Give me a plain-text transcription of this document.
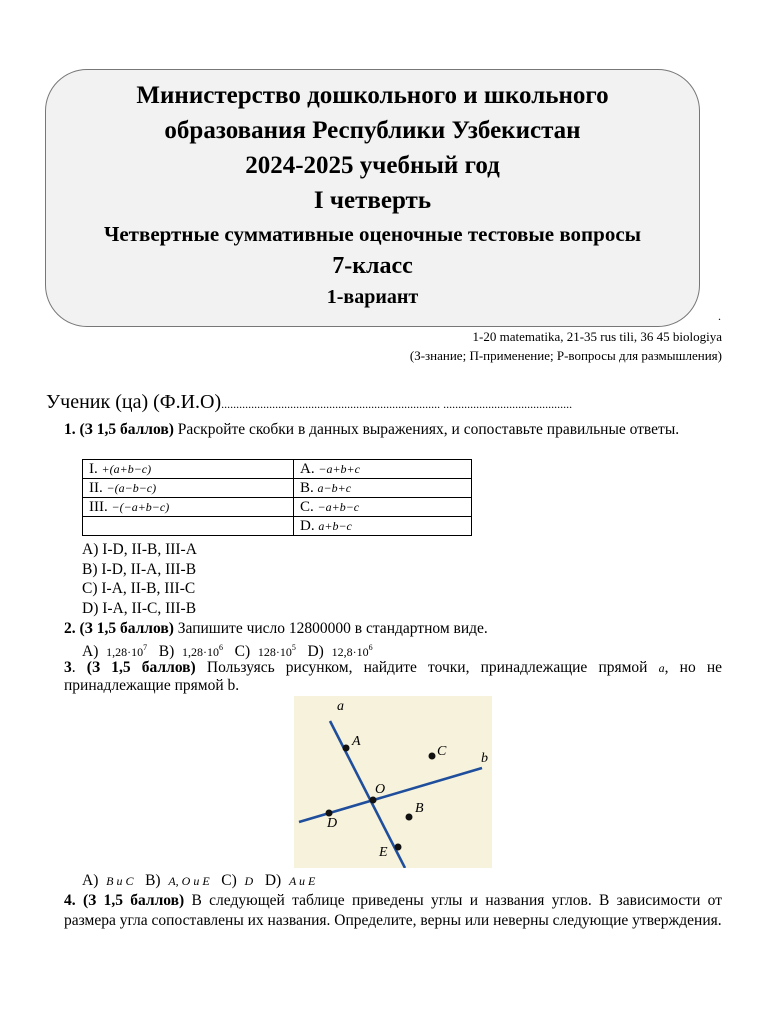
Министерство дошкольного и школьного
образования Республики Узбекистан
2024-2025 учебный год
I четверть
Четвертные суммативные оценочные тестовые вопросы
7-класс
1-вариант
.
1-20 matematika, 21-35 rus tili, 36 45 biologiya
(З-знание; П-применение; Р-вопросы для размышления)
Ученик (ца) (Ф.И.О)......................................................................... ...........................................
1. (З 1,5 баллов) Раскройте скобки в данных выражениях, и сопоставьте правильные ответы.
I. +(a+b−c)	A. −a+b+c
II. −(a−b−c)	B. a−b+c
III. −(−a+b−c)	C. −a+b−c
	D. a+b−c
A) I-D, II-B, III-A
B) I-D, II-A, III-B
C) I-A, II-B, III-C
D) I-A, II-C, III-B
2. (З 1,5 баллов) Запишите число 12800000 в стандартном виде.
A) $1,28\cdot 10^7$ B) $1,28\cdot 10^6$ C) $128\cdot 10^5$ D) $12,8\cdot 10^6$
3. (З 1,5 баллов) Пользуясь рисунком, найдите точки, принадлежащие прямой a, но не принадлежащие прямой b.
a
b
A
C
O
B
D
E
A) B и C B) A, O и E C) D D) A и E
4. (З 1,5 баллов) В следующей таблице приведены углы и названия углов. В зависимости от размера угла сопоставлены их названия. Определите, верны или неверны следующие утверждения.
